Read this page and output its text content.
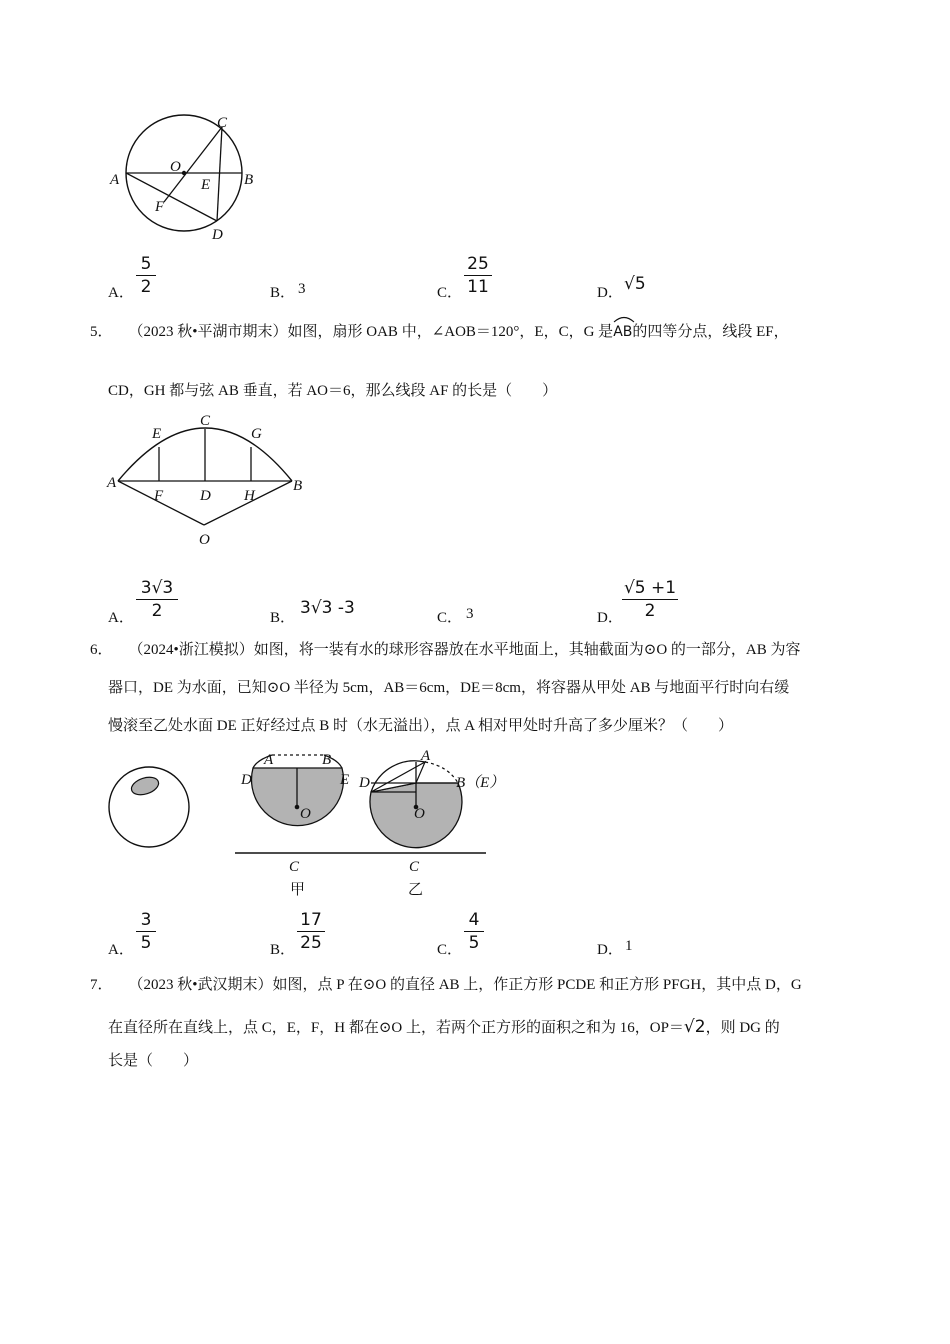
A	B
C
D
E
F
O
A．
5
2	B． 3	C．
25
11	D． √5
5． （2023 秋•平湖市期末）如图，扇形 OAB 中，∠AOB＝120°，E，C，G 是
AB的四等分点，线段 EF，
CD，GH 都与弦 AB 垂直，若 AO＝6，那么线段 AF 的长是（　　）
A	B
C
D
E
F
G
H
O
A．
3√3
2	B． 3√3 -3	C． 3	D．
√5 +1
2
6． （2024•浙江模拟）如图，将一装有水的球形容器放在水平地面上，其轴截面为⊙O 的一部分，AB 为容
器口，DE 为水面，已知⊙O 半径为 5cm，AB＝6cm，DE＝8cm，将容器从甲处 AB 与地面平行时向右缓
慢滚至乙处水面 DE 正好经过点 B 时（水无溢出），点 A 相对甲处时升高了多少厘米？（　　）
A	B
D	E
O
C
甲
A
D	B（E）
O
C
乙
A．
3
5	B．
17
25	C．
4
5	D． 1
7． （2023 秋•武汉期末）如图，点 P 在⊙O 的直径 AB 上，作正方形 PCDE 和正方形 PFGH，其中点 D，G
在直径所在直线上，点 C，E，F，H 都在⊙O 上，若两个正方形的面积之和为 16，OP＝√2，则 DG 的
长是（　　）
